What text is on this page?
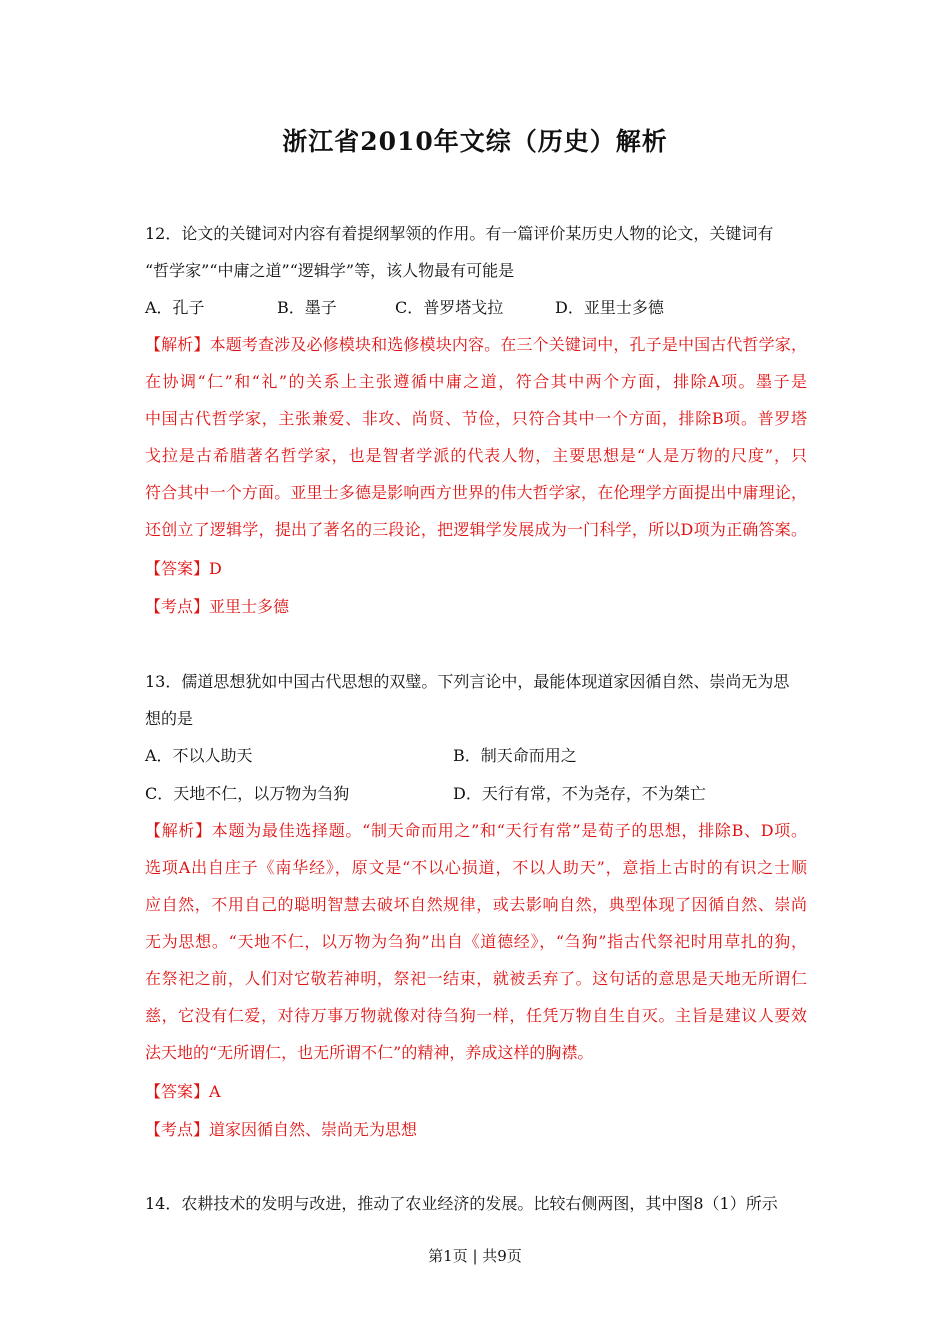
浙江省2010年文综（历史）解析
12．论文的关键词对内容有着提纲挈领的作用。有一篇评价某历史人物的论文，关键词有
“哲学家”“中庸之道”“逻辑学”等，该人物最有可能是
A．孔子	B．墨子	C．普罗塔戈拉	D．亚里士多德
【解析】本题考查涉及必修模块和选修模块内容。在三个关键词中，孔子是中国古代哲学家，
在协调“仁”和“礼”的关系上主张遵循中庸之道，符合其中两个方面，排除A项。墨子是
中国古代哲学家，主张兼爱、非攻、尚贤、节俭，只符合其中一个方面，排除B项。普罗塔
戈拉是古希腊著名哲学家，也是智者学派的代表人物，主要思想是“人是万物的尺度”，只
符合其中一个方面。亚里士多德是影响西方世界的伟大哲学家，在伦理学方面提出中庸理论，
还创立了逻辑学，提出了著名的三段论，把逻辑学发展成为一门科学，所以D项为正确答案。
【答案】D
【考点】亚里士多德
13．儒道思想犹如中国古代思想的双璧。下列言论中，最能体现道家因循自然、崇尚无为思
想的是
A．不以人助天	B．制天命而用之
C．天地不仁，以万物为刍狗	D．天行有常，不为尧存，不为桀亡
【解析】本题为最佳选择题。“制天命而用之”和“天行有常”是荀子的思想，排除B、D项。
选项A出自庄子《南华经》，原文是“不以心损道，不以人助天”，意指上古时的有识之士顺
应自然，不用自己的聪明智慧去破坏自然规律，或去影响自然，典型体现了因循自然、崇尚
无为思想。“天地不仁，以万物为刍狗”出自《道德经》，“刍狗”指古代祭祀时用草扎的狗，
在祭祀之前，人们对它敬若神明，祭祀一结束，就被丢弃了。这句话的意思是天地无所谓仁
慈，它没有仁爱，对待万事万物就像对待刍狗一样，任凭万物自生自灭。主旨是建议人要效
法天地的“无所谓仁，也无所谓不仁”的精神，养成这样的胸襟。
【答案】A
【考点】道家因循自然、崇尚无为思想
14．农耕技术的发明与改进，推动了农业经济的发展。比较右侧两图，其中图8（1）所示
第1页 | 共9页
